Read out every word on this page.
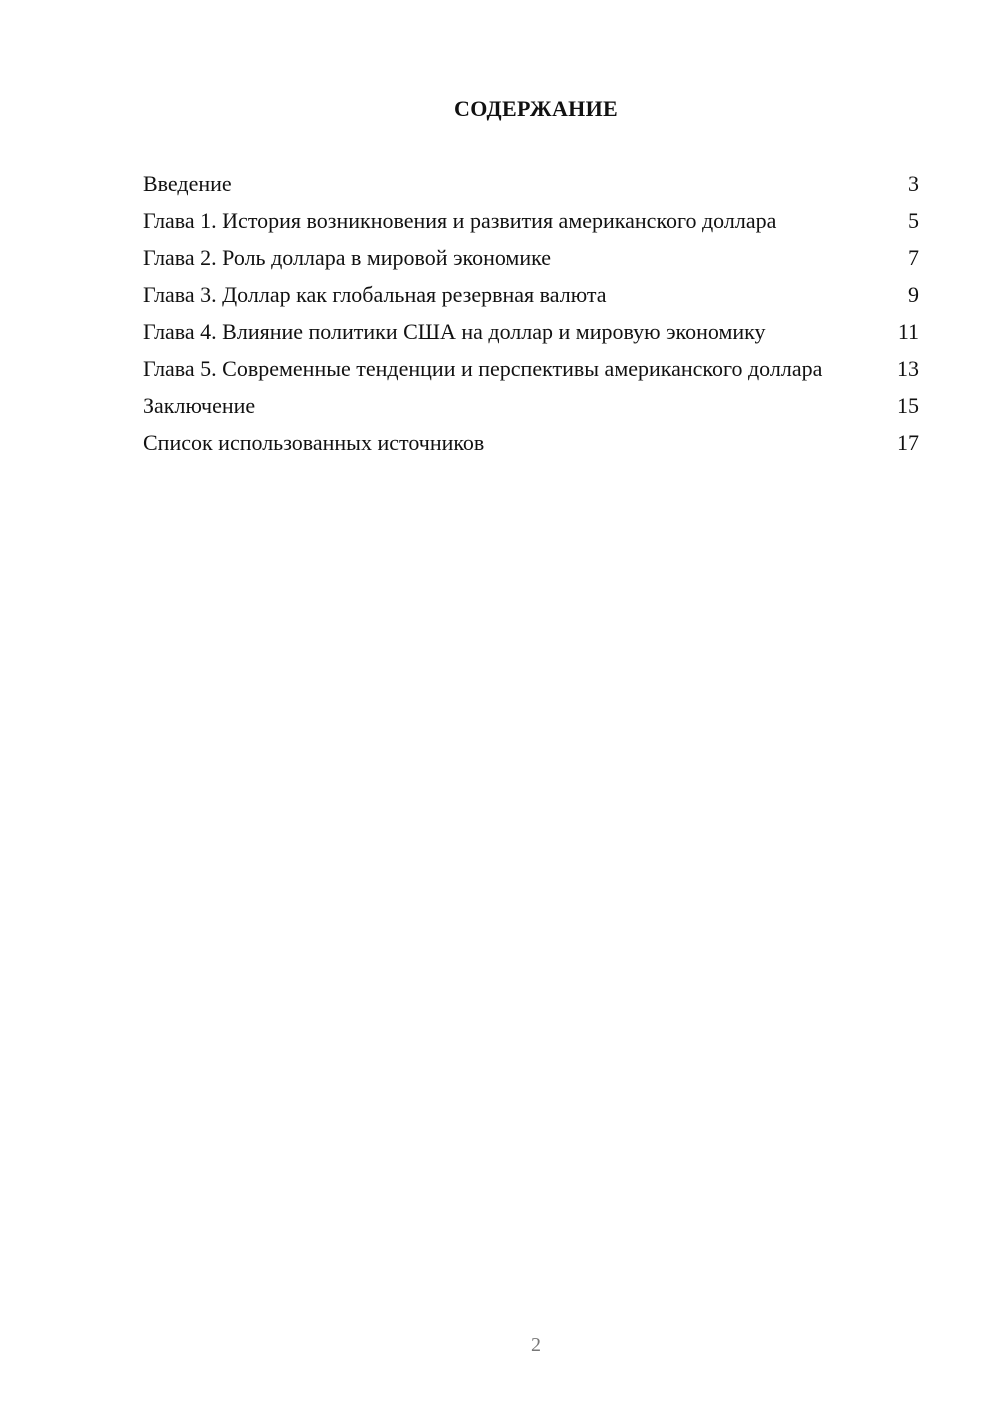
СОДЕРЖАНИЕ
Введение	3
Глава 1. История возникновения и развития американского доллара	5
Глава 2. Роль доллара в мировой экономике	7
Глава 3. Доллар как глобальная резервная валюта	9
Глава 4. Влияние политики США на доллар и мировую экономику	11
Глава 5. Современные тенденции и перспективы американского доллара	13
Заключение	15
Список использованных источников	17
2
